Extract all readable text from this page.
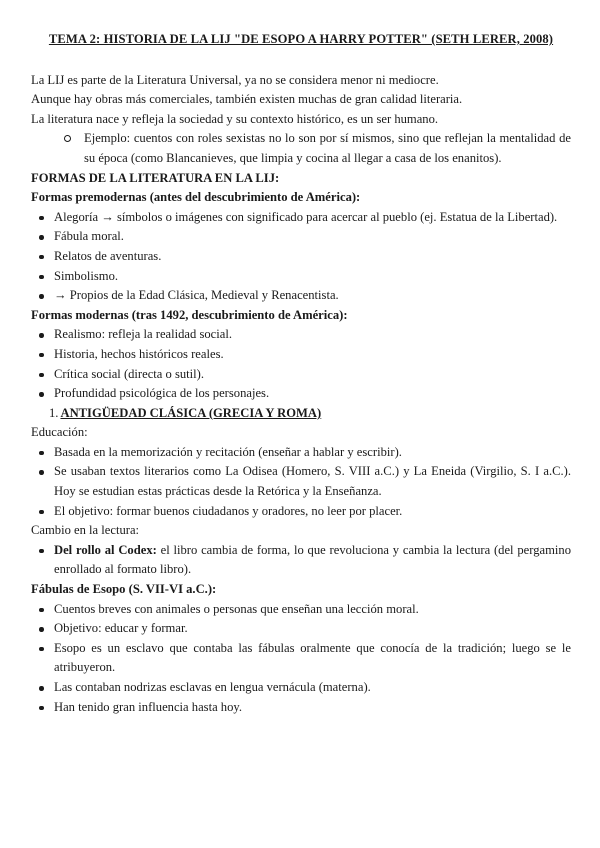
TEMA 2: HISTORIA DE LA LIJ "DE ESOPO A HARRY POTTER" (SETH LERER, 2008)

La LIJ es parte de la Literatura Universal, ya no se considera menor ni mediocre.

Aunque hay obras más comerciales, también existen muchas de gran calidad literaria.

La literatura nace y refleja la sociedad y su contexto histórico, es un ser humano.

Ejemplo: cuentos con roles sexistas no lo son por sí mismos, sino que reflejan la mentalidad de su época (como Blancanieves, que limpia y cocina al llegar a casa de los enanitos).

FORMAS DE LA LITERATURA EN LA LIJ:

Formas premodernas (antes del descubrimiento de América):

Alegoría → símbolos o imágenes con significado para acercar al pueblo (ej. Estatua de la Libertad).
Fábula moral.
Relatos de aventuras.
Simbolismo.
→ Propios de la Edad Clásica, Medieval y Renacentista.

Formas modernas (tras 1492, descubrimiento de América):

Realismo: refleja la realidad social.
Historia, hechos históricos reales.
Crítica social (directa o sutil).
Profundidad psicológica de los personajes.

1. ANTIGÜEDAD CLÁSICA (GRECIA Y ROMA)

Educación:

Basada en la memorización y recitación (enseñar a hablar y escribir).
Se usaban textos literarios como La Odisea (Homero, S. VIII a.C.) y La Eneida (Virgilio, S. I a.C.). Hoy se estudian estas prácticas desde la Retórica y la Enseñanza.
El objetivo: formar buenos ciudadanos y oradores, no leer por placer.

Cambio en la lectura:

Del rollo al Codex: el libro cambia de forma, lo que revoluciona y cambia la lectura (del pergamino enrollado al formato libro).

Fábulas de Esopo (S. VII-VI a.C.):

Cuentos breves con animales o personas que enseñan una lección moral.
Objetivo: educar y formar.
Esopo es un esclavo que contaba las fábulas oralmente que conocía de la tradición; luego se le atribuyeron.
Las contaban nodrizas esclavas en lengua vernácula (materna).
Han tenido gran influencia hasta hoy.
